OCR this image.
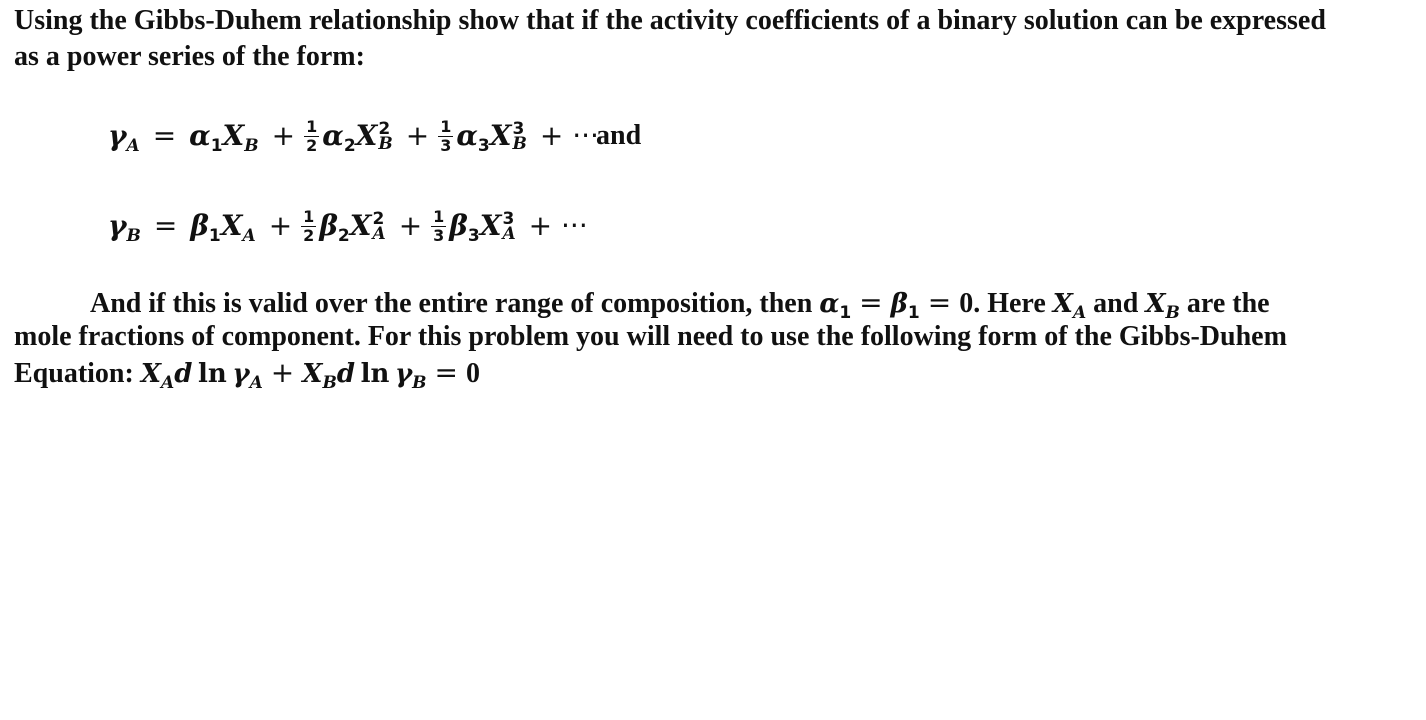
Using the Gibbs-Duhem relationship show that if the activity coefficients of a binary solution can be expressed
as a power series of the form:
$\gamma_A = \alpha_1X_B + \frac{1}{2} \alpha_2X$ 2
$B + \frac{1}{3} \alpha_3X$ 3
B + ···
and
$\gamma_B = \beta_1X_A + \frac{1}{2} \beta_2X$ 2
$A + \frac{1}{3} \beta_3X$ 3
A + ···
And if this is valid over the entire range of composition, then $\alpha_1 = \beta_1 = 0$. Here $X_A$ and $X_B$ are the
mole fractions of component. For this problem you will need to use the following form of the Gibbs-Duhem
Equation: $X_Ad$  $\ln \gamma_A + X_Bd$  $\ln \gamma_B = 0$
